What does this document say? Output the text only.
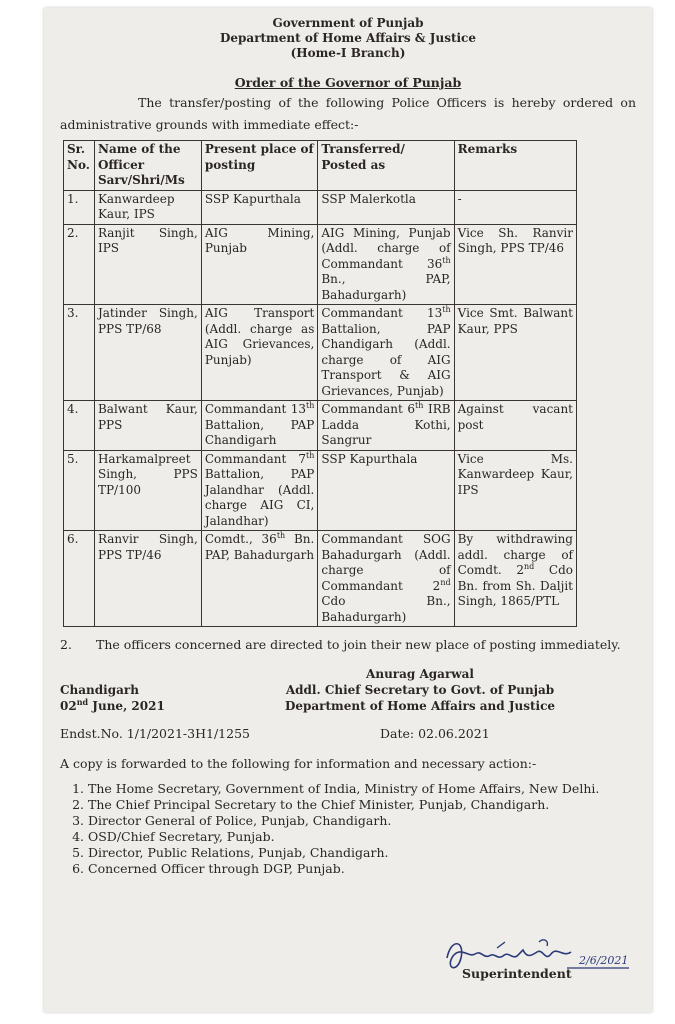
Government of Punjab
Department of Home Affairs & Justice
(Home-I Branch)
Order of the Governor of Punjab
The transfer/posting of the following Police Officers is hereby ordered on administrative grounds with immediate effect:-
Sr. No.	Name of the Officer Sarv/Shri/Ms	Present place of posting	Transferred/ Posted as	Remarks
1.	Kanwardeep Kaur, IPS	SSP Kapurthala	SSP Malerkotla	-
2.	Ranjit Singh, IPS	AIG Mining, Punjab	AIG Mining, Punjab (Addl. charge of Commandant 36th Bn., PAP, Bahadurgarh)	Vice Sh. Ranvir Singh, PPS TP/46
3.	Jatinder Singh, PPS TP/68	AIG Transport (Addl. charge as AIG Grievances, Punjab)	Commandant 13th Battalion, PAP Chandigarh (Addl. charge of AIG Transport & AIG Grievances, Punjab)	Vice Smt. Balwant Kaur, PPS
4.	Balwant Kaur, PPS	Commandant 13th Battalion, PAP Chandigarh	Commandant 6th IRB Ladda Kothi, Sangrur	Against vacant post
5.	Harkamalpreet Singh, PPS TP/100	Commandant 7th Battalion, PAP Jalandhar (Addl. charge AIG CI, Jalandhar)	SSP Kapurthala	Vice Ms. Kanwardeep Kaur, IPS
6.	Ranvir Singh, PPS TP/46	Comdt., 36th Bn. PAP, Bahadurgarh	Commandant SOG Bahadurgarh (Addl. charge of Commandant 2nd Cdo Bn., Bahadurgarh)	By withdrawing addl. charge of Comdt. 2nd Cdo Bn. from Sh. Daljit Singh, 1865/PTL
2. The officers concerned are directed to join their new place of posting immediately.
Chandigarh
02nd June, 2021
Anurag Agarwal
Addl. Chief Secretary to Govt. of Punjab
Department of Home Affairs and Justice
Endst.No. 1/1/2021-3H1/1255	Date: 02.06.2021
A copy is forwarded to the following for information and necessary action:-
1. The Home Secretary, Government of India, Ministry of Home Affairs, New Delhi.
2. The Chief Principal Secretary to the Chief Minister, Punjab, Chandigarh.
3. Director General of Police, Punjab, Chandigarh.
4. OSD/Chief Secretary, Punjab.
5. Director, Public Relations, Punjab, Chandigarh.
6. Concerned Officer through DGP, Punjab.
2/6/2021
Superintendent
